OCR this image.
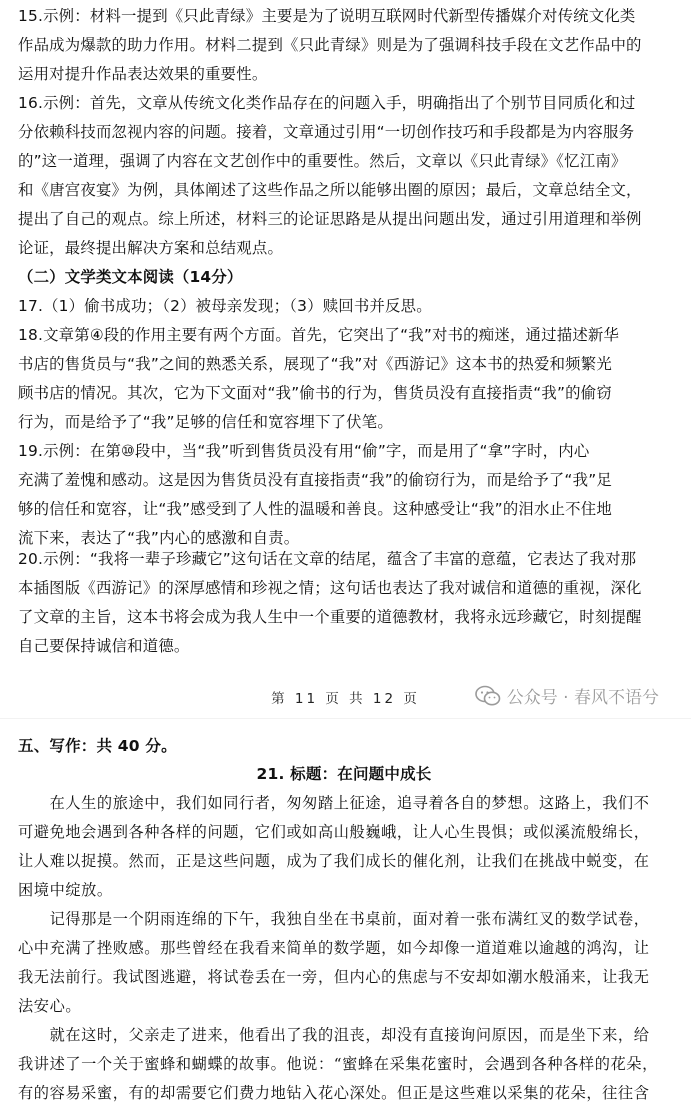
15.示例：材料一提到《只此青绿》主要是为了说明互联网时代新型传播媒介对传统文化类
作品成为爆款的助力作用。材料二提到《只此青绿》则是为了强调科技手段在文艺作品中的
运用对提升作品表达效果的重要性。
16.示例：首先，文章从传统文化类作品存在的问题入手，明确指出了个别节目同质化和过
分依赖科技而忽视内容的问题。接着，文章通过引用“一切创作技巧和手段都是为内容服务
的”这一道理，强调了内容在文艺创作中的重要性。然后，文章以《只此青绿》《忆江南》
和《唐宫夜宴》为例，具体阐述了这些作品之所以能够出圈的原因；最后，文章总结全文，
提出了自己的观点。综上所述，材料三的论证思路是从提出问题出发，通过引用道理和举例
论证，最终提出解决方案和总结观点。
（二）文学类文本阅读（14分）
17.（1）偷书成功；（2）被母亲发现；（3）赎回书并反思。
18.文章第④段的作用主要有两个方面。首先，它突出了“我”对书的痴迷，通过描述新华
书店的售货员与“我”之间的熟悉关系，展现了“我”对《西游记》这本书的热爱和频繁光
顾书店的情况。其次，它为下文面对“我”偷书的行为，售货员没有直接指责“我”的偷窃
行为，而是给予了“我”足够的信任和宽容埋下了伏笔。
19.示例：在第⑩段中，当“我”听到售货员没有用“偷”字，而是用了“拿”字时，内心
充满了羞愧和感动。这是因为售货员没有直接指责“我”的偷窃行为，而是给予了“我”足
够的信任和宽容，让“我”感受到了人性的温暖和善良。这种感受让“我”的泪水止不住地
流下来，表达了“我”内心的感激和自责。
20.示例：“我将一辈子珍藏它”这句话在文章的结尾，蕴含了丰富的意蕴，它表达了我对那
本插图版《西游记》的深厚感情和珍视之情；这句话也表达了我对诚信和道德的重视，深化
了文章的主旨，这本书将会成为我人生中一个重要的道德教材，我将永远珍藏它，时刻提醒
自己要保持诚信和道德。
第 11 页 共 12 页	公众号 · 春风不语兮
五、写作：共 40 分。
21. 标题：在问题中成长
　　在人生的旅途中，我们如同行者，匆匆踏上征途，追寻着各自的梦想。这路上，我们不
可避免地会遇到各种各样的问题，它们或如高山般巍峨，让人心生畏惧；或似溪流般绵长，
让人难以捉摸。然而，正是这些问题，成为了我们成长的催化剂，让我们在挑战中蜕变，在
困境中绽放。
　　记得那是一个阴雨连绵的下午，我独自坐在书桌前，面对着一张布满红叉的数学试卷，
心中充满了挫败感。那些曾经在我看来简单的数学题，如今却像一道道难以逾越的鸿沟，让
我无法前行。我试图逃避，将试卷丢在一旁，但内心的焦虑与不安却如潮水般涌来，让我无
法安心。
　　就在这时，父亲走了进来，他看出了我的沮丧，却没有直接询问原因，而是坐下来，给
我讲述了一个关于蜜蜂和蝴蝶的故事。他说：“蜜蜂在采集花蜜时，会遇到各种各样的花朵，
有的容易采蜜，有的却需要它们费力地钻入花心深处。但正是这些难以采集的花朵，往往含
